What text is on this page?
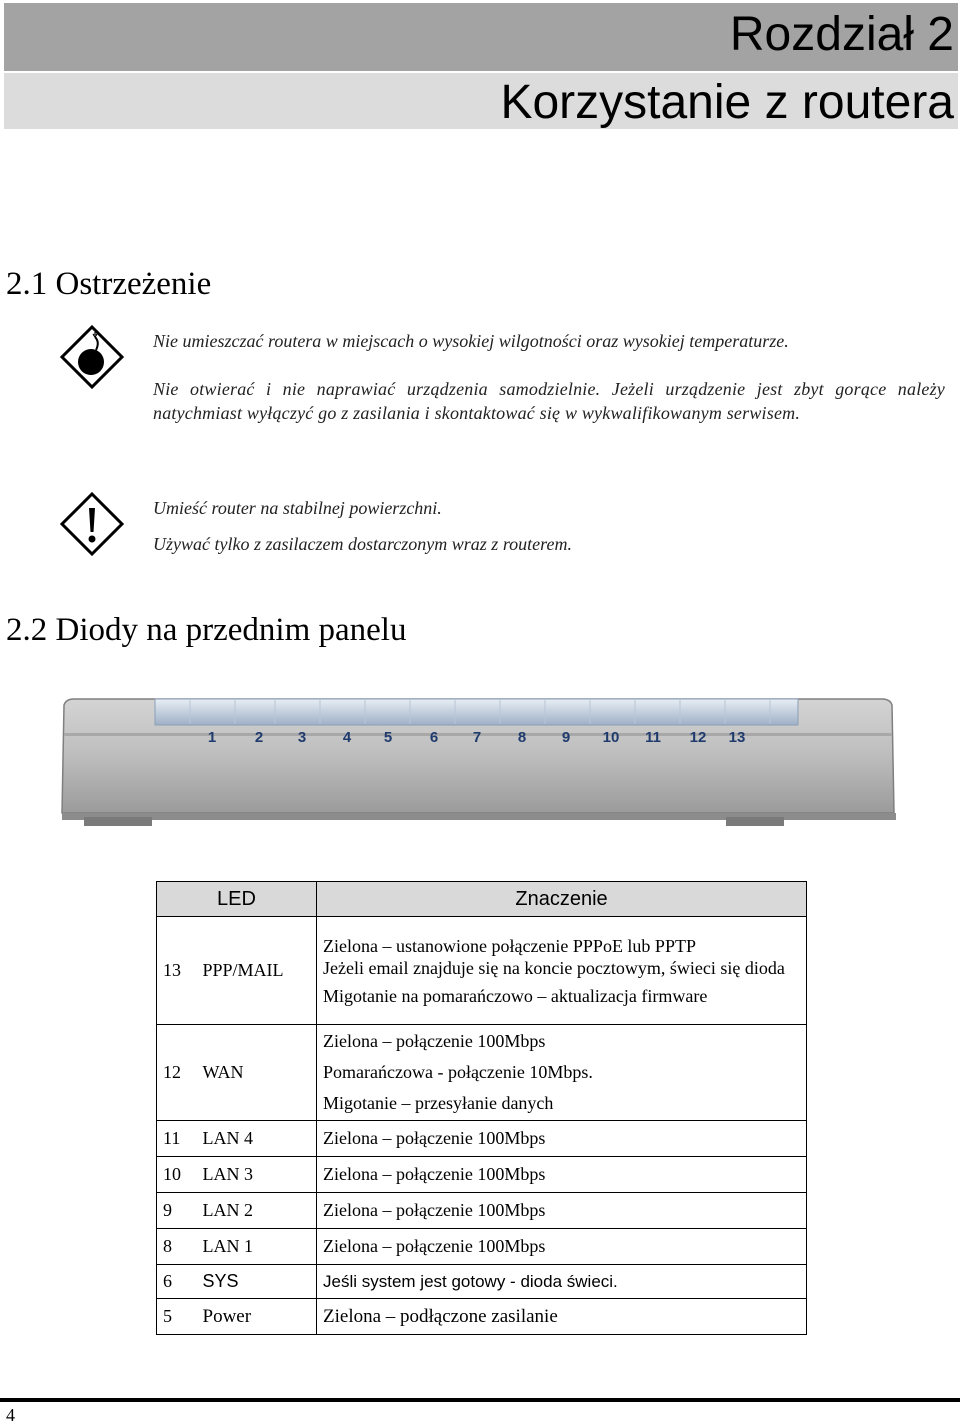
Rozdział 2
Korzystanie z routera
2.1 Ostrzeżenie
Nie umieszczać routera w miejscach o wysokiej wilgotności oraz wysokiej temperaturze.
Nie otwierać i nie naprawiać urządzenia samodzielnie. Jeżeli urządzenie jest zbyt gorące należy natychmiast wyłączyć go z zasilania i skontaktować się w wykwalifikowanym serwisem.
Umieść router na stabilnej powierzchni.
Używać tylko z zasilaczem dostarczonym wraz z routerem.
2.2 Diody na przednim panelu
1	2 3 4 5	6 7 8 9 10 11 12 13
LED		Znaczenie
13	PPP/MAIL	Zielona – ustanowione połączenie PPPoE lub PPTP
Jeżeli email znajduje się na koncie pocztowym, świeci się dioda
Migotanie na pomarańczowo – aktualizacja firmware

12	WAN	Zielona – połączenie 100Mbps
Pomarańczowa - połączenie 10Mbps.
Migotanie – przesyłanie danych

11	LAN 4	Zielona – połączenie 100Mbps
10	LAN 3	Zielona – połączenie 100Mbps
9	LAN 2	Zielona – połączenie 100Mbps
8	LAN 1	Zielona – połączenie 100Mbps
6	SYS	Jeśli system jest gotowy - dioda świeci.
5	Power	Zielona – podłączone zasilanie
4
